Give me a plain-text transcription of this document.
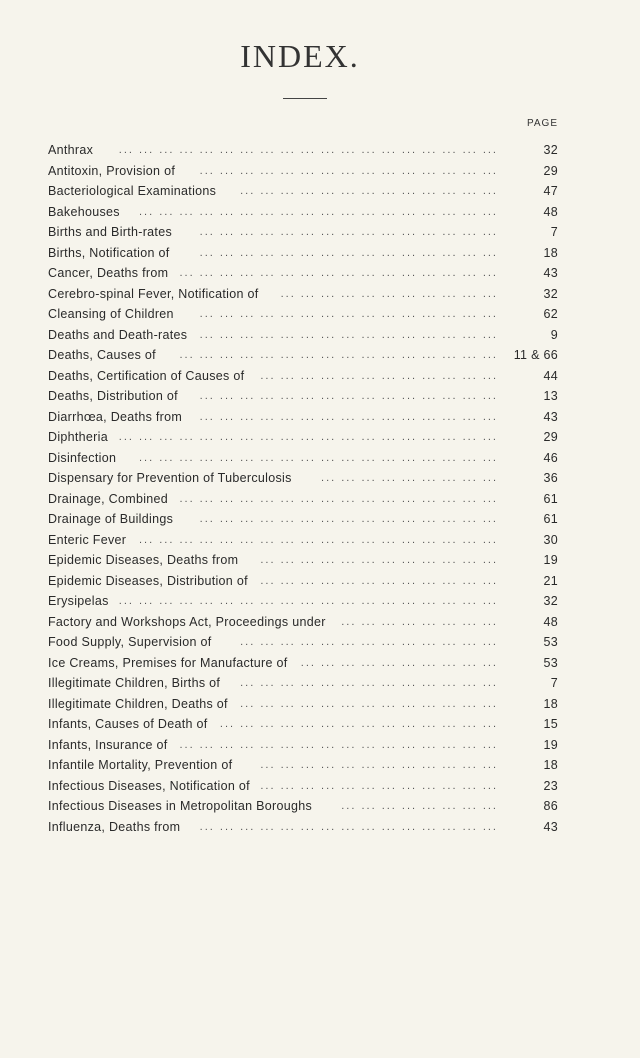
INDEX.
PAGE
Anthrax ... ... ... ... ... ... ... ... ... ... ... ... ... ... ... ... ... ... ...	32
Antitoxin, Provision of ... ... ... ... ... ... ... ... ... ... ... ... ... ... ...	29
Bacteriological Examinations ... ... ... ... ... ... ... ... ... ... ... ... ...	47
Bakehouses ... ... ... ... ... ... ... ... ... ... ... ... ... ... ... ... ... ...	48
Births and Birth-rates	... ... ... ... ... ... ... ... ... ... ... ... ... ... ...	7
Births, Notification of	... ... ... ... ... ... ... ... ... ... ... ... ... ... ...	18
Cancer, Deaths from ... ... ... ... ... ... ... ... ... ... ... ... ... ... ... ...	43
Cerebro-spinal Fever, Notification of ... ... ... ... ... ... ... ... ... ... ...	32
Cleansing of Children ... ... ... ... ... ... ... ... ... ... ... ... ... ... ...	62
Deaths and Death-rates ... ... ... ... ... ... ... ... ... ... ... ... ... ... ...	9
Deaths, Causes of ... ... ... ... ... ... ... ... ... ... ... ... ... ... ... ... 11 & 66
Deaths, Certification of Causes of ... ... ... ... ... ... ... ... ... ... ... ...	44
Deaths, Distribution of ... ... ... ... ... ... ... ... ... ... ... ... ... ... ...	13
Diarrhœa, Deaths from ... ... ... ... ... ... ... ... ... ... ... ... ... ... ...	43
Diphtheria ... ... ... ... ... ... ... ... ... ... ... ... ... ... ... ... ... ... ...	29
Disinfection ... ... ... ... ... ... ... ... ... ... ... ... ... ... ... ... ... ...	46
Dispensary for Prevention of Tuberculosis	... ... ... ... ... ... ... ... ...	36
Drainage, Combined ... ... ... ... ... ... ... ... ... ... ... ... ... ... ... ...	61
Drainage of Buildings ... ... ... ... ... ... ... ... ... ... ... ... ... ... ...	61
Enteric Fever ... ... ... ... ... ... ... ... ... ... ... ... ... ... ... ... ... ...	30
Epidemic Diseases, Deaths from ... ... ... ... ... ... ... ... ... ... ... ...	19
Epidemic Diseases, Distribution of ... ... ... ... ... ... ... ... ... ... ... ...	21
Erysipelas ... ... ... ... ... ... ... ... ... ... ... ... ... ... ... ... ... ... ...	32
Factory and Workshops Act, Proceedings under ... ... ... ... ... ... ... ...	48
Food Supply, Supervision of	... ... ... ... ... ... ... ... ... ... ... ... ...	53
Ice Creams, Premises for Manufacture of ... ... ... ... ... ... ... ... ... ...	53
Illegitimate Children, Births of ... ... ... ... ... ... ... ... ... ... ... ... ...	7
Illegitimate Children, Deaths of ... ... ... ... ... ... ... ... ... ... ... ... ...	18
Infants, Causes of Death of ... ... ... ... ... ... ... ... ... ... ... ... ... ...	15
Infants, Insurance of ... ... ... ... ... ... ... ... ... ... ... ... ... ... ... ...	19
Infantile Mortality, Prevention of	... ... ... ... ... ... ... ... ... ... ... ...	18
Infectious Diseases, Notification of ... ... ... ... ... ... ... ... ... ... ... ...	23
Infectious Diseases in Metropolitan Boroughs	... ... ... ... ... ... ... ...	86
Influenza, Deaths from ... ... ... ... ... ... ... ... ... ... ... ... ... ... ...	43
